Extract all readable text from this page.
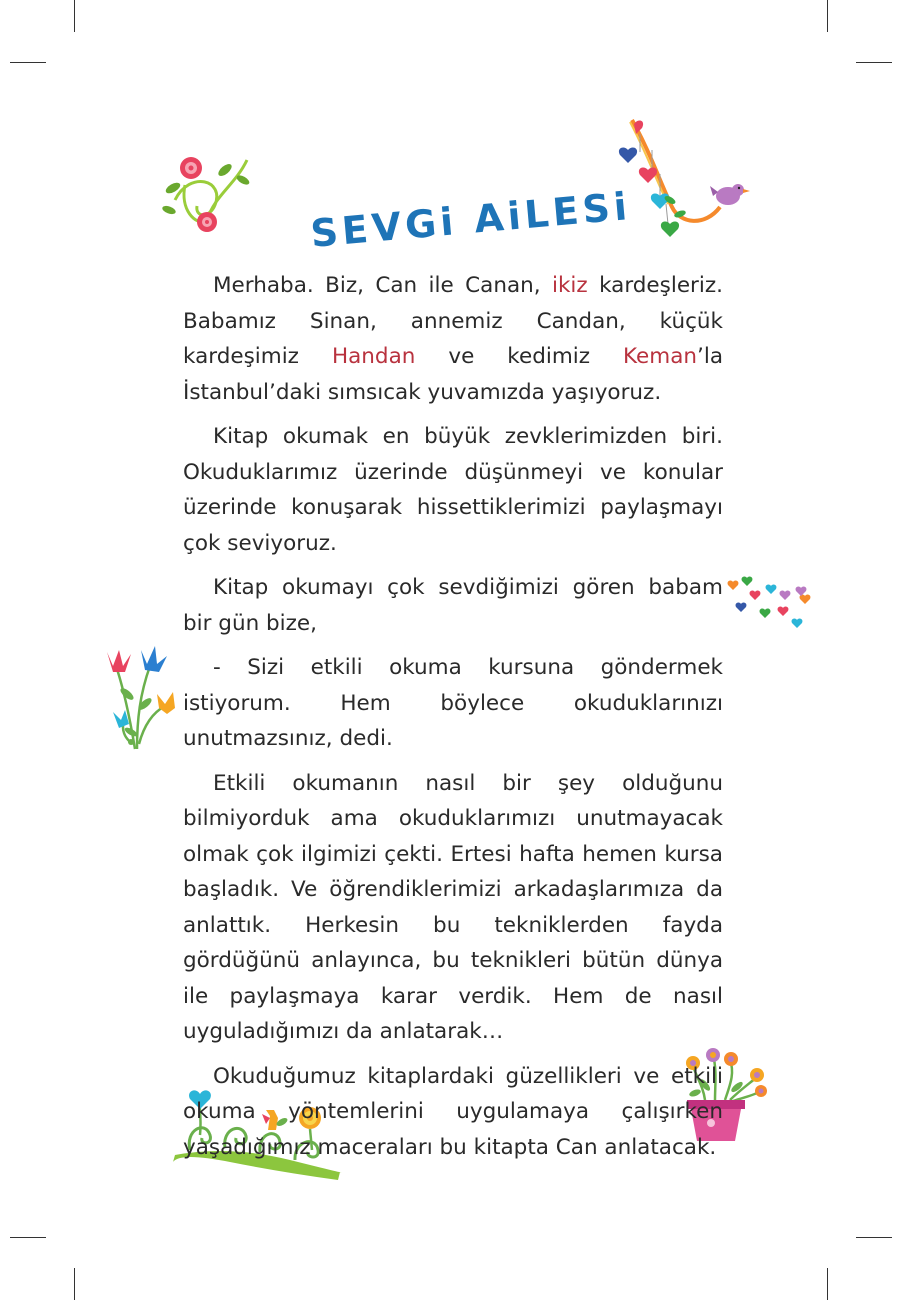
SEVGi AiLESi

Merhaba. Biz, Can ile Canan, ikiz kardeşleriz. Babamız Sinan, annemiz Candan, küçük kardeşimiz Handan ve kedimiz Keman’la İstanbul’daki sımsıcak yuvamızda yaşıyoruz.

Kitap okumak en büyük zevklerimizden biri. Okuduklarımız üzerinde düşünmeyi ve konular üzerinde konuşarak hissettiklerimizi paylaşmayı çok seviyoruz.

Kitap okumayı çok sevdiğimizi gören babam bir gün bize,

- Sizi etkili okuma kursuna göndermek istiyorum. Hem böylece okuduklarınızı unutmazsınız, dedi.

Etkili okumanın nasıl bir şey olduğunu bilmiyorduk ama okuduklarımızı unutmayacak olmak çok ilgimizi çekti. Ertesi hafta hemen kursa başladık. Ve öğrendiklerimizi arkadaşlarımıza da anlattık. Herkesin bu tekniklerden fayda gördüğünü anlayınca, bu teknikleri bütün dünya ile paylaşmaya karar verdik. Hem de nasıl uyguladığımızı da anlatarak…

Okuduğumuz kitaplardaki güzellikleri ve etkili okuma yöntemlerini uygulamaya çalışırken yaşadığımız maceraları bu kitapta Can anlatacak.
